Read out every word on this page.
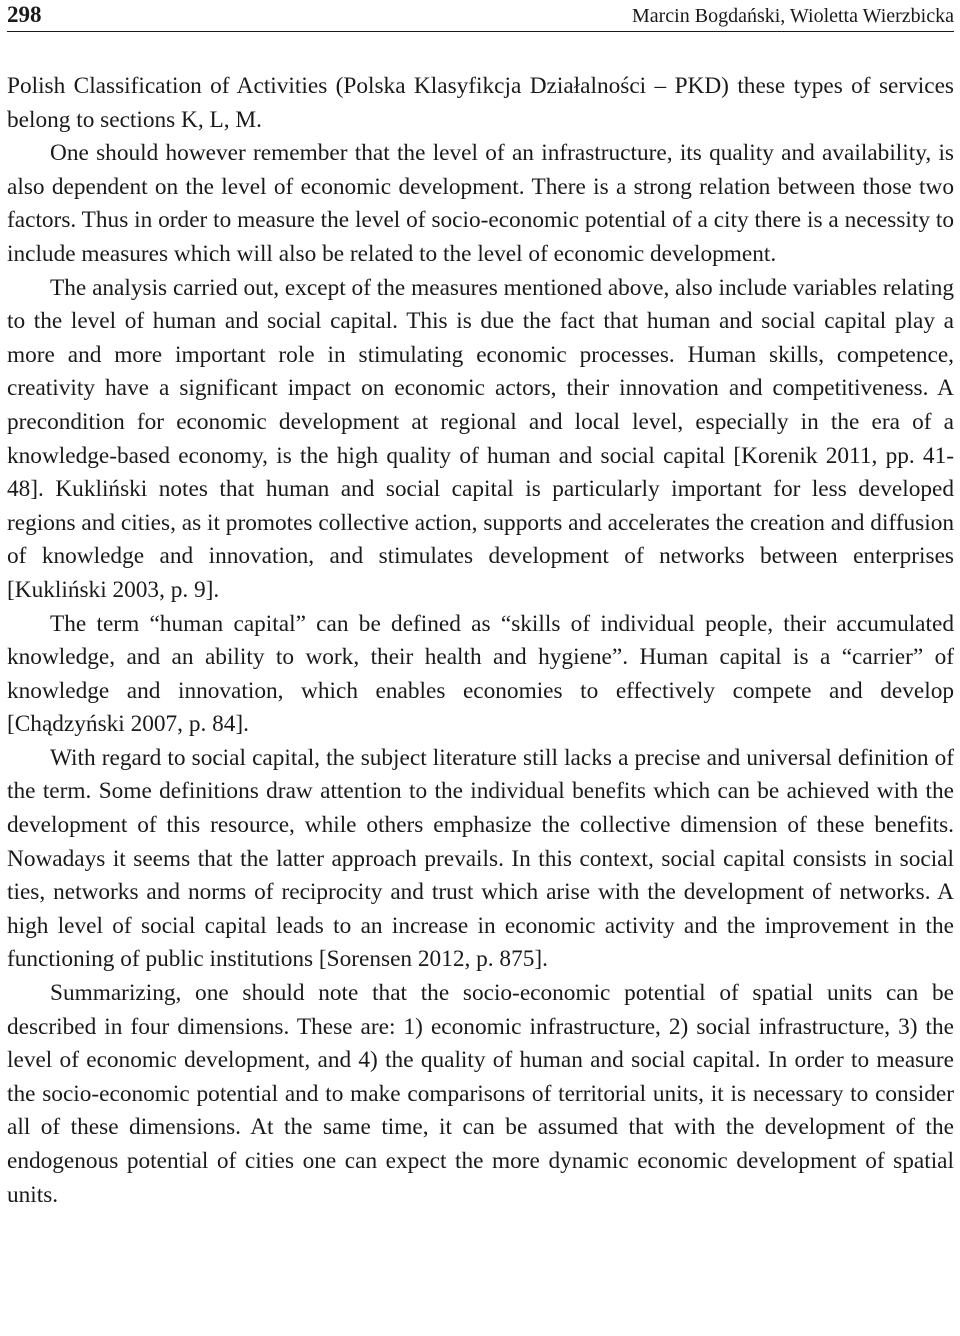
298	Marcin Bogdański, Wioletta Wierzbicka

Polish Classification of Activities (Polska Klasyfikcja Działalności – PKD) these types of services belong to sections K, L, M.

One should however remember that the level of an infrastructure, its quality and availability, is also dependent on the level of economic development. There is a strong relation between those two factors. Thus in order to measure the level of socio-economic potential of a city there is a necessity to include measures which will also be related to the level of economic development.

The analysis carried out, except of the measures mentioned above, also include variables relating to the level of human and social capital. This is due the fact that human and social capital play a more and more important role in stimulating economic processes. Human skills, competence, creativity have a significant impact on economic actors, their innovation and competitiveness. A precondition for economic development at regional and local level, especially in the era of a knowledge-based economy, is the high quality of human and social capital [Korenik 2011, pp. 41-48]. Kukliński notes that human and social capital is particularly important for less developed regions and cities, as it promotes collective action, supports and accelerates the creation and diffusion of knowledge and innovation, and stimulates development of networks between enterprises [Kukliński 2003, p. 9].

The term “human capital” can be defined as “skills of individual people, their accumulated knowledge, and an ability to work, their health and hygiene”. Human capital is a “carrier” of knowledge and innovation, which enables economies to effectively compete and develop [Chądzyński 2007, p. 84].

With regard to social capital, the subject literature still lacks a precise and universal definition of the term. Some definitions draw attention to the individual benefits which can be achieved with the development of this resource, while others emphasize the collective dimension of these benefits. Nowadays it seems that the latter approach prevails. In this context, social capital consists in social ties, networks and norms of reciprocity and trust which arise with the development of networks. A high level of social capital leads to an increase in economic activity and the improvement in the functioning of public institutions [Sorensen 2012, p. 875].

Summarizing, one should note that the socio-economic potential of spatial units can be described in four dimensions. These are: 1) economic infrastructure, 2) social infrastructure, 3) the level of economic development, and 4) the quality of human and social capital. In order to measure the socio-economic potential and to make comparisons of territorial units, it is necessary to consider all of these dimensions. At the same time, it can be assumed that with the development of the endogenous potential of cities one can expect the more dynamic economic development of spatial units.
